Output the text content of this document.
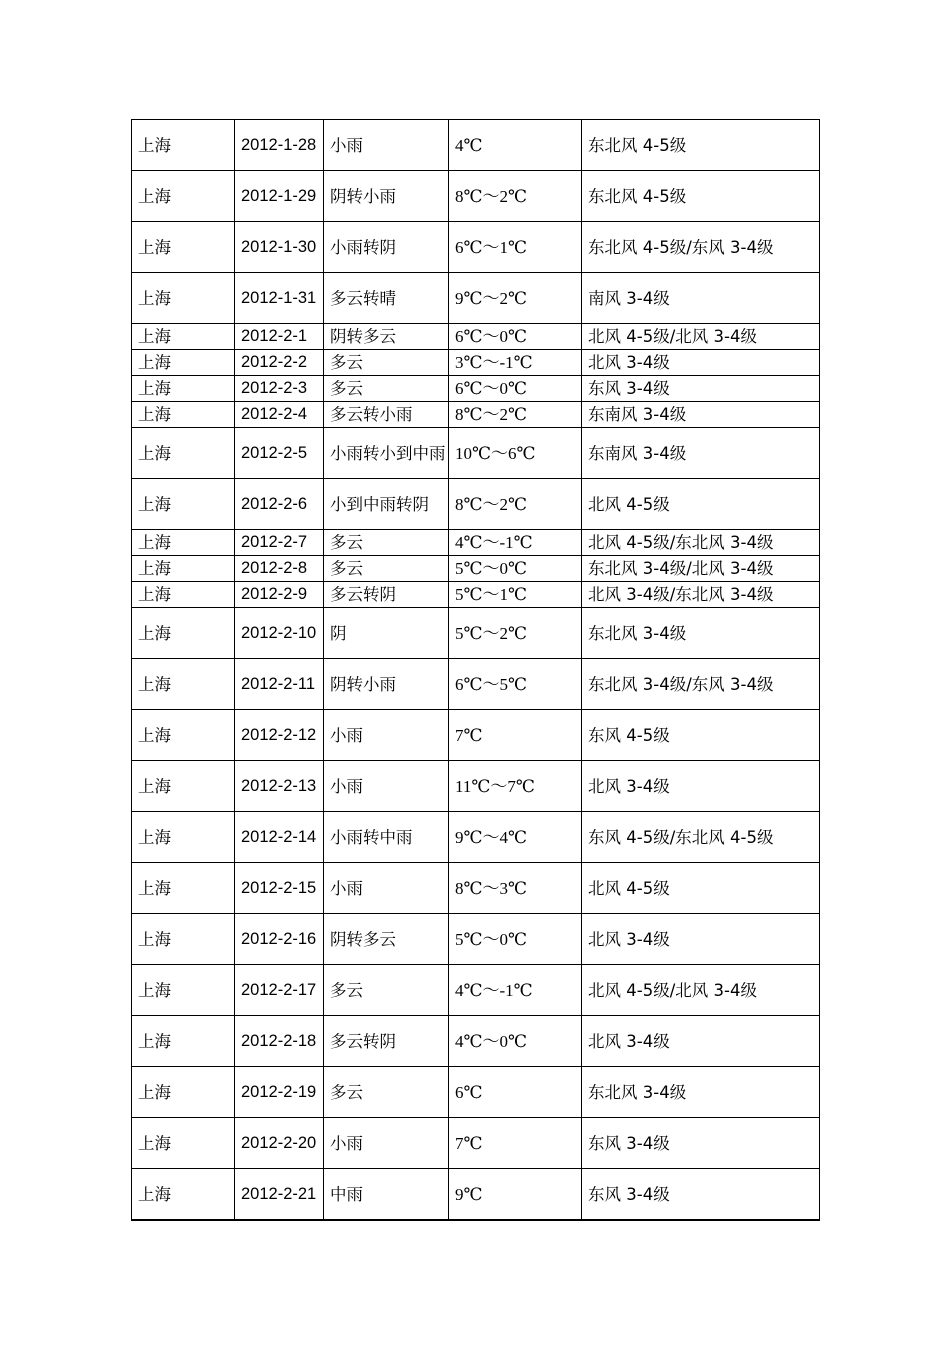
上海	2012-1-28	小雨	4℃	东北风 4-5级
上海	2012-1-29	阴转小雨	8℃～2℃	东北风 4-5级
上海	2012-1-30	小雨转阴	6℃～1℃	东北风 4-5级/东风 3-4级
上海	2012-1-31	多云转晴	9℃～2℃	南风 3-4级
上海	2012-2-1	阴转多云	6℃～0℃	北风 4-5级/北风 3-4级
上海	2012-2-2	多云	3℃～-1℃	北风 3-4级
上海	2012-2-3	多云	6℃～0℃	东风 3-4级
上海	2012-2-4	多云转小雨	8℃～2℃	东南风 3-4级
上海	2012-2-5	小雨转小到中雨	10℃～6℃	东南风 3-4级
上海	2012-2-6	小到中雨转阴	8℃～2℃	北风 4-5级
上海	2012-2-7	多云	4℃～-1℃	北风 4-5级/东北风 3-4级
上海	2012-2-8	多云	5℃～0℃	东北风 3-4级/北风 3-4级
上海	2012-2-9	多云转阴	5℃～1℃	北风 3-4级/东北风 3-4级
上海	2012-2-10	阴	5℃～2℃	东北风 3-4级
上海	2012-2-11	阴转小雨	6℃～5℃	东北风 3-4级/东风 3-4级
上海	2012-2-12	小雨	7℃	东风 4-5级
上海	2012-2-13	小雨	11℃～7℃	北风 3-4级
上海	2012-2-14	小雨转中雨	9℃～4℃	东风 4-5级/东北风 4-5级
上海	2012-2-15	小雨	8℃～3℃	北风 4-5级
上海	2012-2-16	阴转多云	5℃～0℃	北风 3-4级
上海	2012-2-17	多云	4℃～-1℃	北风 4-5级/北风 3-4级
上海	2012-2-18	多云转阴	4℃～0℃	北风 3-4级
上海	2012-2-19	多云	6℃	东北风 3-4级
上海	2012-2-20	小雨	7℃	东风 3-4级
上海	2012-2-21	中雨	9℃	东风 3-4级
